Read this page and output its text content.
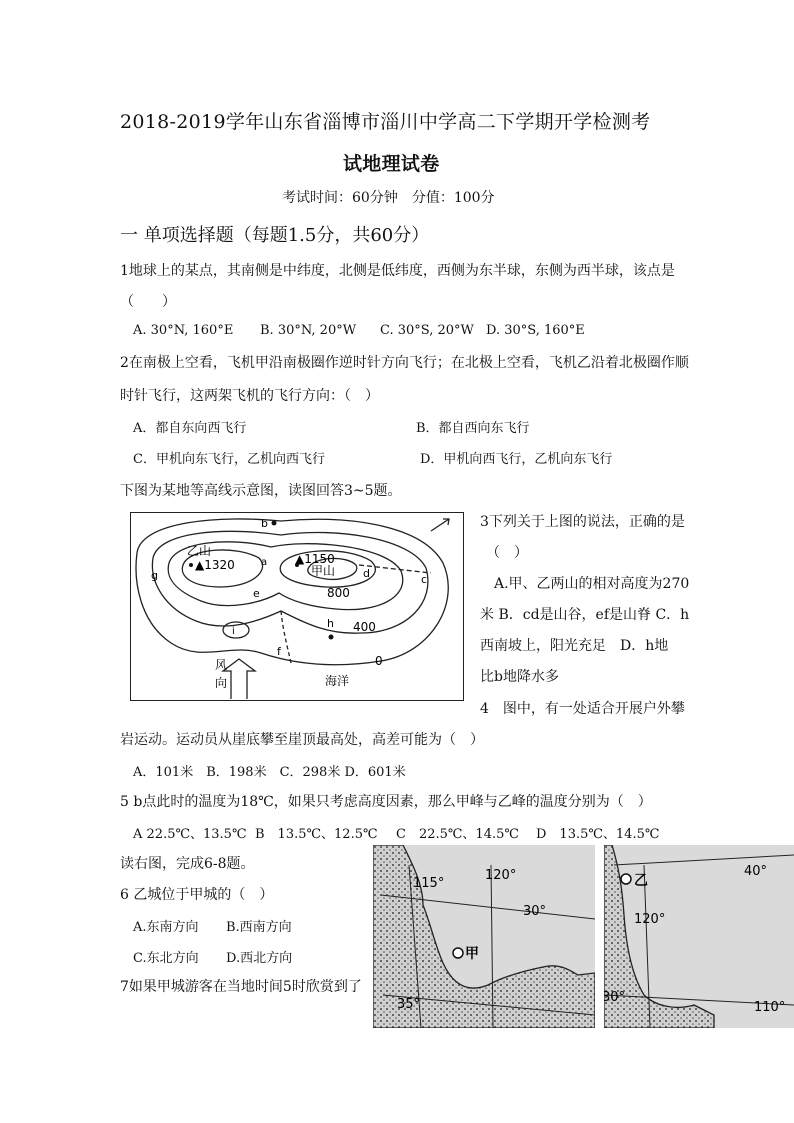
2018-2019学年山东省淄博市淄川中学高二下学期开学检测考
试地理试卷
考试时间：60分钟　分值：100分
一 单项选择题（每题1.5分，共60分）
1地球上的某点，其南侧是中纬度，北侧是低纬度，西侧为东半球，东侧为西半球，该点是
（　　）
A. 30°N, 160°E B. 30°N, 20°W C. 30°S, 20°W D. 30°S, 160°E
2在南极上空看，飞机甲沿南极圈作逆时针方向飞行；在北极上空看，飞机乙沿着北极圈作顺
时针飞行，这两架飞机的飞行方向：（　）
A．都自东向西飞行	B．都自西向东飞行
C．甲机向东飞行，乙机向西飞行	D．甲机向西飞行，乙机向东飞行
下图为某地等高线示意图，读图回答3~5题。
b
c
d
e
f
g
h
i
a
乙山
▲1320	▲1150
甲山
800
400
0
海洋
风
向
3下列关于上图的说法，正确的是
（　）
A.甲、乙两山的相对高度为270
米 B．cd是山谷，ef是山脊 C．h
西南坡上，阳光充足　D．h地
比b地降水多
4　图中，有一处适合开展户外攀
岩运动。运动员从崖底攀至崖顶最高处，高差可能为（　）
A．101米　B．198米　C．298米 D．601米
5 b点此时的温度为18℃，如果只考虑高度因素，那么甲峰与乙峰的温度分别为（　）
A 22.5℃、13.5℃ B　13.5℃、12.5℃ C　22.5℃、14.5℃ D　13.5℃、14.5℃
读右图，完成6-8题。
6 乙城位于甲城的（　）
A.东南方向 B.西南方向
C.东北方向 D.西北方向
7如果甲城游客在当地时间5时欣赏到了
115°
120°
30°
35°
甲
40°
120°
30°
110°
乙
